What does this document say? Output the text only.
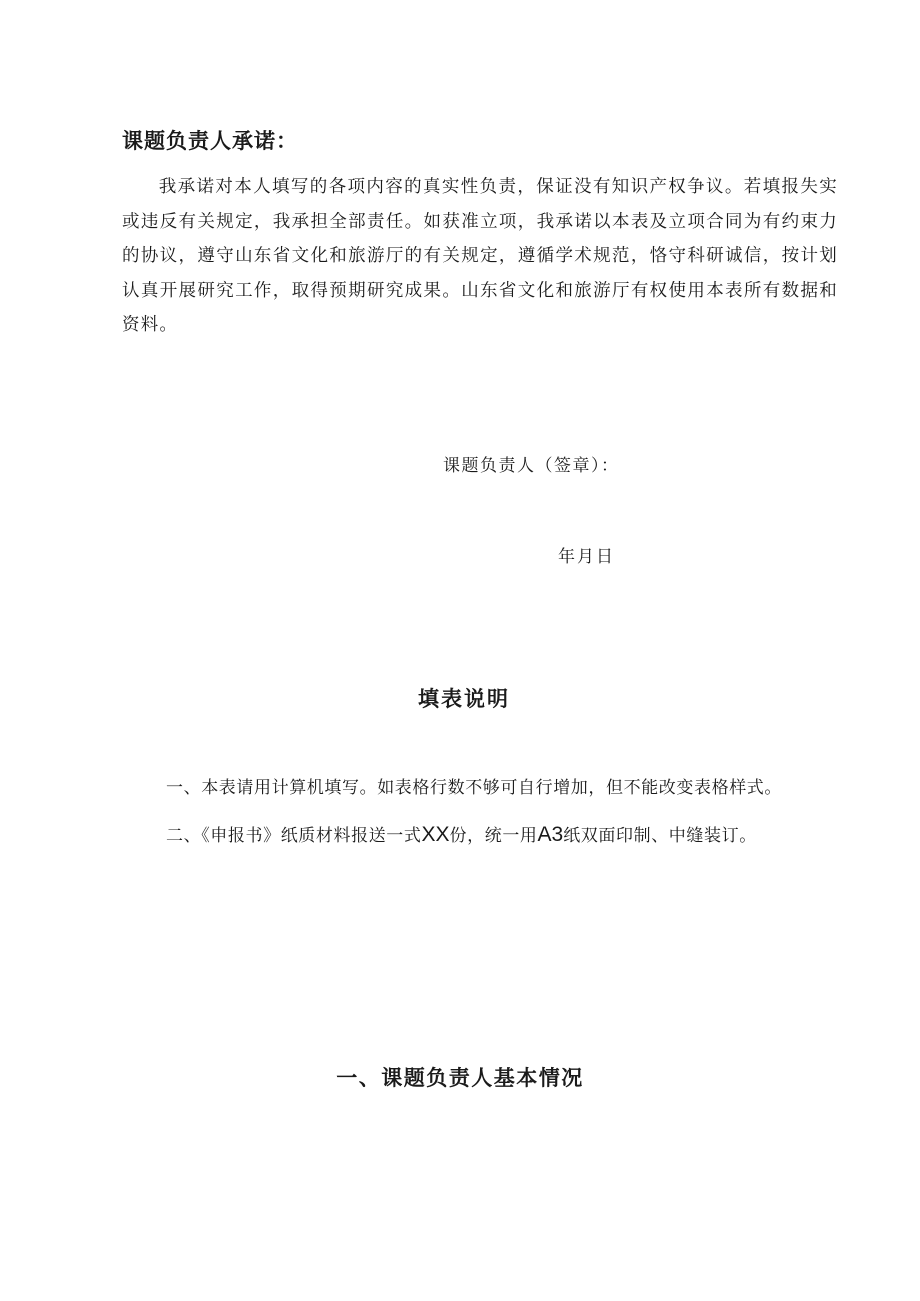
课题负责人承诺：

我承诺对本人填写的各项内容的真实性负责，保证没有知识产权争议。若填报失实或违反有关规定，我承担全部责任。如获准立项，我承诺以本表及立项合同为有约束力的协议，遵守山东省文化和旅游厅的有关规定，遵循学术规范，恪守科研诚信，按计划认真开展研究工作，取得预期研究成果。山东省文化和旅游厅有权使用本表所有数据和资料。

课题负责人（签章）：
年月日
填表说明
一、本表请用计算机填写。如表格行数不够可自行增加，但不能改变表格样式。
二、《申报书》纸质材料报送一式XX份，统一用A3纸双面印制、中缝装订。
一、课题负责人基本情况
